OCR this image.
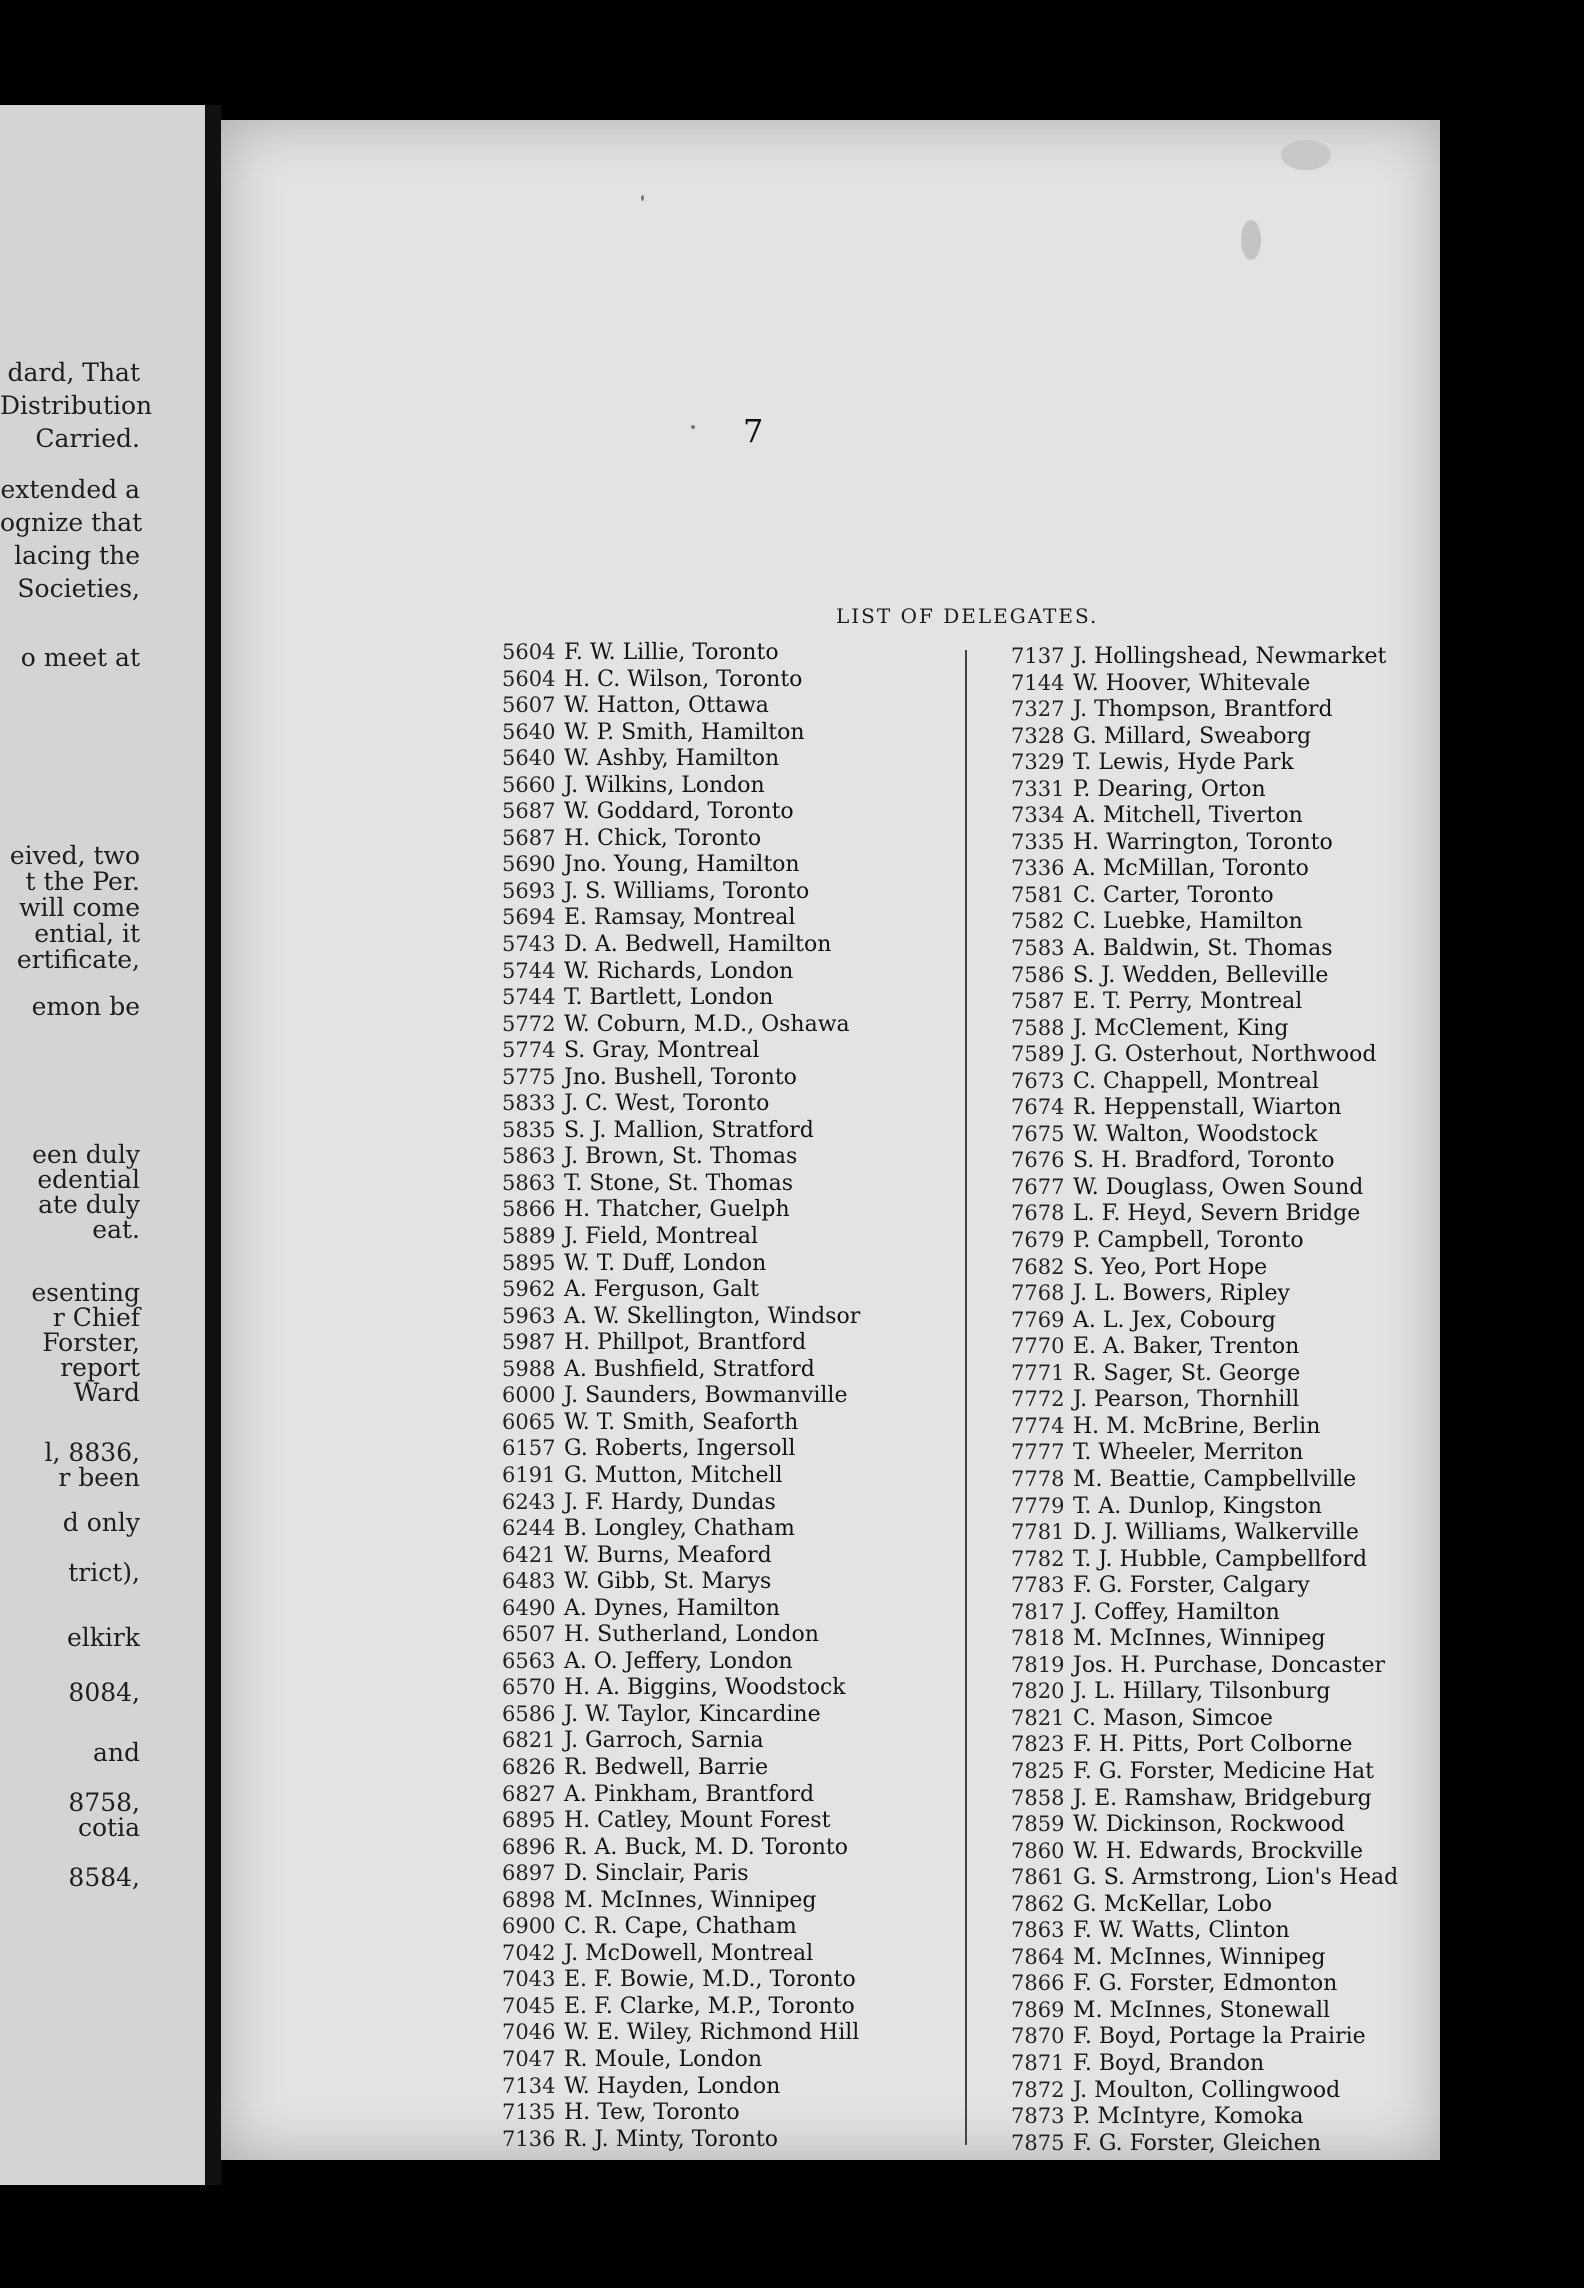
dard, That
Distribution
Carried.
extended a
ognize that
lacing the
Societies,
o meet at
eived, two
t the Per.
will come
ential, it
ertificate,
emon be
een duly
edential
ate duly
eat.
esenting
r Chief
Forster,
report
Ward
l, 8836,
r been
d only
trict),
elkirk
8084,
and
8758,
cotia
8584,
7
LIST OF DELEGATES.
5604 F. W. Lillie, Toronto
5604 H. C. Wilson, Toronto
5607 W. Hatton, Ottawa
5640 W. P. Smith, Hamilton
5640 W. Ashby, Hamilton
5660 J. Wilkins, London
5687 W. Goddard, Toronto
5687 H. Chick, Toronto
5690 Jno. Young, Hamilton
5693 J. S. Williams, Toronto
5694 E. Ramsay, Montreal
5743 D. A. Bedwell, Hamilton
5744 W. Richards, London
5744 T. Bartlett, London
5772 W. Coburn, M.D., Oshawa
5774 S. Gray, Montreal
5775 Jno. Bushell, Toronto
5833 J. C. West, Toronto
5835 S. J. Mallion, Stratford
5863 J. Brown, St. Thomas
5863 T. Stone, St. Thomas
5866 H. Thatcher, Guelph
5889 J. Field, Montreal
5895 W. T. Duff, London
5962 A. Ferguson, Galt
5963 A. W. Skellington, Windsor
5987 H. Phillpot, Brantford
5988 A. Bushfield, Stratford
6000 J. Saunders, Bowmanville
6065 W. T. Smith, Seaforth
6157 G. Roberts, Ingersoll
6191 G. Mutton, Mitchell
6243 J. F. Hardy, Dundas
6244 B. Longley, Chatham
6421 W. Burns, Meaford
6483 W. Gibb, St. Marys
6490 A. Dynes, Hamilton
6507 H. Sutherland, London
6563 A. O. Jeffery, London
6570 H. A. Biggins, Woodstock
6586 J. W. Taylor, Kincardine
6821 J. Garroch, Sarnia
6826 R. Bedwell, Barrie
6827 A. Pinkham, Brantford
6895 H. Catley, Mount Forest
6896 R. A. Buck, M. D. Toronto
6897 D. Sinclair, Paris
6898 M. McInnes, Winnipeg
6900 C. R. Cape, Chatham
7042 J. McDowell, Montreal
7043 E. F. Bowie, M.D., Toronto
7045 E. F. Clarke, M.P., Toronto
7046 W. E. Wiley, Richmond Hill
7047 R. Moule, London
7134 W. Hayden, London
7135 H. Tew, Toronto
7136 R. J. Minty, Toronto
7137 J. Hollingshead, Newmarket
7144 W. Hoover, Whitevale
7327 J. Thompson, Brantford
7328 G. Millard, Sweaborg
7329 T. Lewis, Hyde Park
7331 P. Dearing, Orton
7334 A. Mitchell, Tiverton
7335 H. Warrington, Toronto
7336 A. McMillan, Toronto
7581 C. Carter, Toronto
7582 C. Luebke, Hamilton
7583 A. Baldwin, St. Thomas
7586 S. J. Wedden, Belleville
7587 E. T. Perry, Montreal
7588 J. McClement, King
7589 J. G. Osterhout, Northwood
7673 C. Chappell, Montreal
7674 R. Heppenstall, Wiarton
7675 W. Walton, Woodstock
7676 S. H. Bradford, Toronto
7677 W. Douglass, Owen Sound
7678 L. F. Heyd, Severn Bridge
7679 P. Campbell, Toronto
7682 S. Yeo, Port Hope
7768 J. L. Bowers, Ripley
7769 A. L. Jex, Cobourg
7770 E. A. Baker, Trenton
7771 R. Sager, St. George
7772 J. Pearson, Thornhill
7774 H. M. McBrine, Berlin
7777 T. Wheeler, Merriton
7778 M. Beattie, Campbellville
7779 T. A. Dunlop, Kingston
7781 D. J. Williams, Walkerville
7782 T. J. Hubble, Campbellford
7783 F. G. Forster, Calgary
7817 J. Coffey, Hamilton
7818 M. McInnes, Winnipeg
7819 Jos. H. Purchase, Doncaster
7820 J. L. Hillary, Tilsonburg
7821 C. Mason, Simcoe
7823 F. H. Pitts, Port Colborne
7825 F. G. Forster, Medicine Hat
7858 J. E. Ramshaw, Bridgeburg
7859 W. Dickinson, Rockwood
7860 W. H. Edwards, Brockville
7861 G. S. Armstrong, Lion's Head
7862 G. McKellar, Lobo
7863 F. W. Watts, Clinton
7864 M. McInnes, Winnipeg
7866 F. G. Forster, Edmonton
7869 M. McInnes, Stonewall
7870 F. Boyd, Portage la Prairie
7871 F. Boyd, Brandon
7872 J. Moulton, Collingwood
7873 P. McIntyre, Komoka
7875 F. G. Forster, Gleichen
